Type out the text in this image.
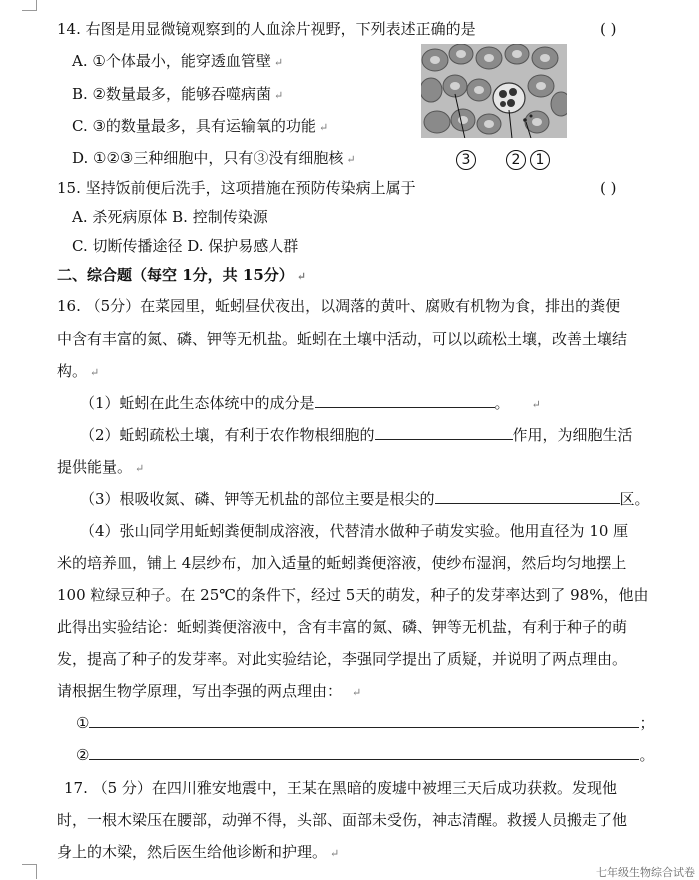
14. 右图是用显微镜观察到的人血涂片视野，下列表述正确的是	( )
A. ①个体最小，能穿透血管壁 ↵
B. ②数量最多，能够吞噬病菌 ↵
C. ③的数量最多，具有运输氧的功能 ↵
D. ①②③三种细胞中，只有③没有细胞核 ↵	3	2	1
15. 坚持饭前便后洗手，这项措施在预防传染病上属于	( )
A. 杀死病原体 B. 控制传染源
C. 切断传播途径 D. 保护易感人群
二、综合题（每空 1分，共 15分） ↵
16. （5分）在菜园里，蚯蚓昼伏夜出，以凋落的黄叶、腐败有机物为食，排出的粪便
中含有丰富的氮、磷、钾等无机盐。蚯蚓在土壤中活动，可以以疏松土壤，改善土壤结
构。 ↵
（1）蚯蚓在此生态体统中的成分是	。 ↵
（2）蚯蚓疏松土壤，有利于农作物根细胞的	作用，为细胞生活
提供能量。 ↵
（3）根吸收氮、磷、钾等无机盐的部位主要是根尖的	区。
（4）张山同学用蚯蚓粪便制成溶液，代替清水做种子萌发实验。他用直径为 10 厘
米的培养皿，铺上 4层纱布，加入适量的蚯蚓粪便溶液，使纱布湿润，然后均匀地摆上
100 粒绿豆种子。在 25℃的条件下，经过 5天的萌发，种子的发芽率达到了 98%，他由
此得出实验结论：蚯蚓粪便溶液中，含有丰富的氮、磷、钾等无机盐，有利于种子的萌
发，提高了种子的发芽率。对此实验结论，李强同学提出了质疑，并说明了两点理由。
请根据生物学原理，写出李强的两点理由： ↵
①	；
②	。
17. （5 分）在四川雅安地震中，王某在黑暗的废墟中被埋三天后成功获救。发现他
时，一根木梁压在腰部，动弹不得，头部、面部未受伤，神志清醒。救援人员搬走了他
身上的木梁，然后医生给他诊断和护理。 ↵
七年级生物综合试卷
